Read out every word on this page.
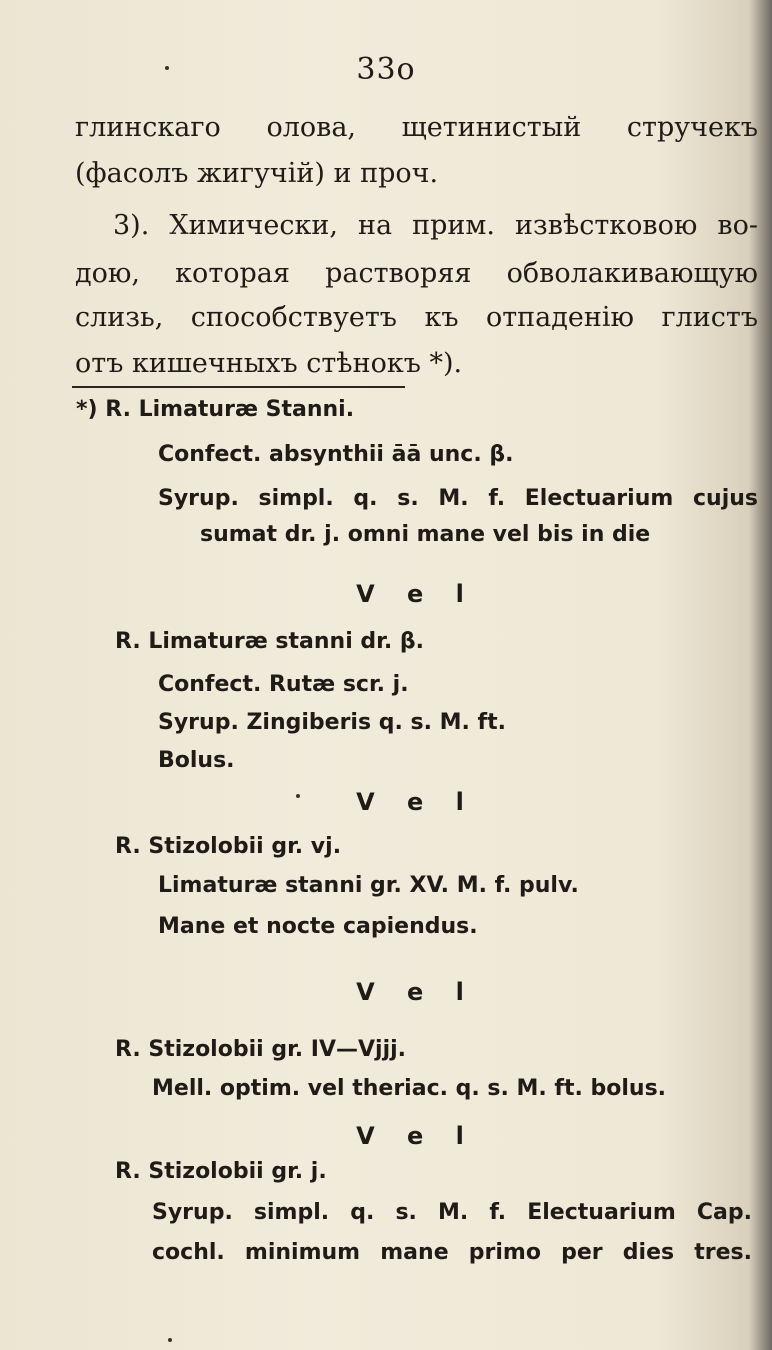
33o
глинскаго олова, щетинистый стручекъ
(фасолъ жигучій) и проч.
3). Химически, на прим. извѣстковою во-
дою, которая растворяя обволакивающую
слизь, способствуетъ къ отпаденію глистъ
отъ кишечныхъ стѣнокъ *).
*) R. Limaturæ Stanni.
Confect. absynthii āā unc. β.
Syrup. simpl. q. s. M. f. Electuarium cujus
sumat dr. j. omni mane vel bis in die
V e l
R. Limaturæ stanni dr. β.
Confect. Rutæ scr. j.
Syrup. Zingiberis q. s. M. ft.
Bolus.
V e l
R. Stizolobii gr. vj.
Limaturæ stanni gr. XV. M. f. pulv.
Mane et nocte capiendus.
V e l
R. Stizolobii gr. IV—Vjjj.
Mell. optim. vel theriac. q. s. M. ft. bolus.
V e l
R. Stizolobii gr. j.
Syrup. simpl. q. s. M. f. Electuarium Cap.
cochl. minimum mane primo per dies tres.
